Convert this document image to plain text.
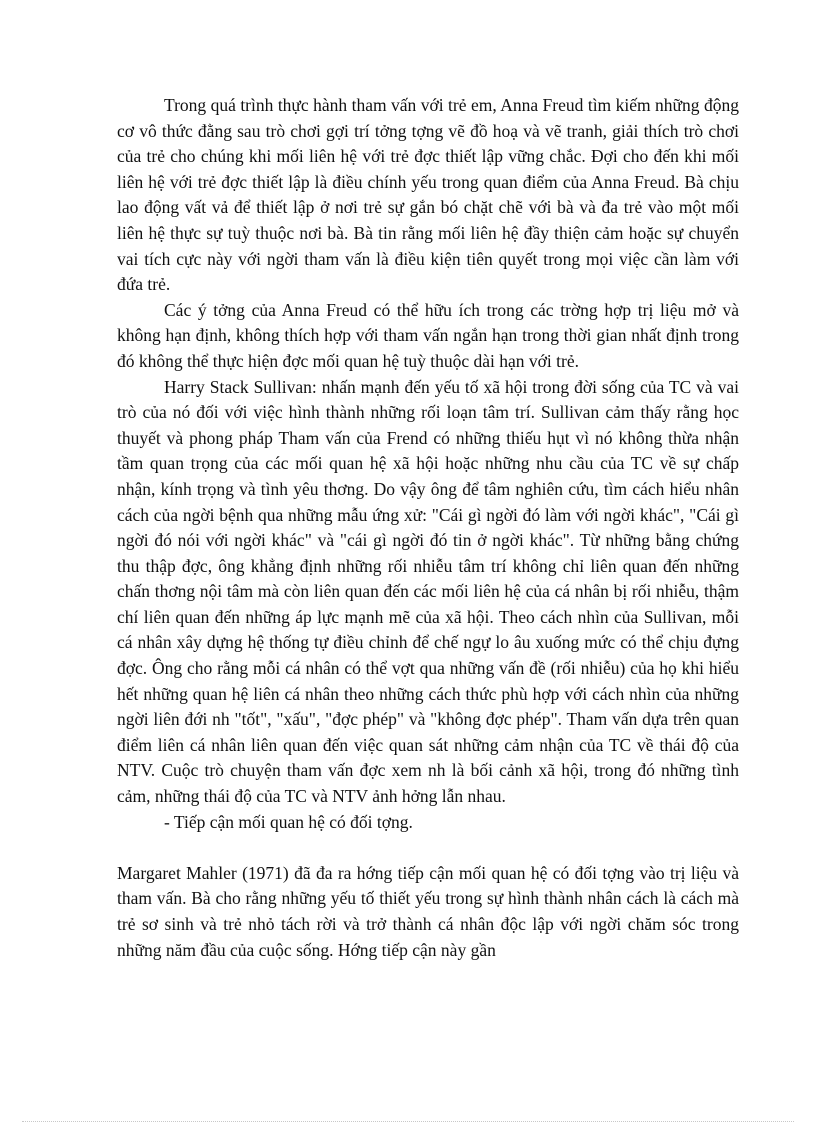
Trong quá trình thực hành tham vấn với trẻ em, Anna Freud tìm kiếm những động cơ vô thức đằng sau trò chơi gợi trí tởng tợng vẽ đồ hoạ và vẽ tranh, giải thích trò chơi của trẻ cho chúng khi mối liên hệ với trẻ đợc thiết lập vững chắc. Đợi cho đến khi mối liên hệ với trẻ đợc thiết lập là điều chính yếu trong quan điểm của Anna Freud. Bà chịu lao động vất vả để thiết lập ở nơi trẻ sự gắn bó chặt chẽ với bà và đa trẻ vào một mối liên hệ thực sự tuỳ thuộc nơi bà. Bà tin rằng mối liên hệ đầy thiện cảm hoặc sự chuyển vai tích cực này với ngời tham vấn là điều kiện tiên quyết trong mọi việc cần làm với đứa trẻ.

Các ý tởng của Anna Freud có thể hữu ích trong các trờng hợp trị liệu mở và không hạn định, không thích hợp với tham vấn ngắn hạn trong thời gian nhất định trong đó không thể thực hiện đợc mối quan hệ tuỳ thuộc dài hạn với trẻ.

Harry Stack Sullivan: nhấn mạnh đến yếu tố xã hội trong đời sống của TC và vai trò của nó đối với việc hình thành những rối loạn tâm trí. Sullivan cảm thấy rằng học thuyết và phong pháp Tham vấn của Frend có những thiếu hụt vì nó không thừa nhận tầm quan trọng của các mối quan hệ xã hội hoặc những nhu cầu của TC về sự chấp nhận, kính trọng và tình yêu thơng. Do vậy ông để tâm nghiên cứu, tìm cách hiểu nhân cách của ngời bệnh qua những mẫu ứng xử: "Cái gì ngời đó làm với ngời khác", "Cái gì ngời đó nói với ngời khác" và "cái gì ngời đó tin ở ngời khác". Từ những bằng chứng thu thập đợc, ông khẳng định những rối nhiễu tâm trí không chỉ liên quan đến những chấn thơng nội tâm mà còn liên quan đến các mối liên hệ của cá nhân bị rối nhiễu, thậm chí liên quan đến những áp lực mạnh mẽ của xã hội. Theo cách nhìn của Sullivan, mỗi cá nhân xây dựng hệ thống tự điều chỉnh để chế ngự lo âu xuống mức có thể chịu đựng đợc. Ông cho rằng mỗi cá nhân có thể vợt qua những vấn đề (rối nhiễu) của họ khi hiểu hết những quan hệ liên cá nhân theo những cách thức phù hợp với cách nhìn của những ngời liên đới nh "tốt", "xấu", "đợc phép" và "không đợc phép". Tham vấn dựa trên quan điểm liên cá nhân liên quan đến việc quan sát những cảm nhận của TC về thái độ của NTV. Cuộc trò chuyện tham vấn đợc xem nh là bối cảnh xã hội, trong đó những tình cảm, những thái độ của TC và NTV ảnh hởng lẫn nhau.

- Tiếp cận mối quan hệ có đối tợng.

Margaret Mahler (1971) đã đa ra hớng tiếp cận mối quan hệ có đối tợng vào trị liệu và tham vấn. Bà cho rằng những yếu tố thiết yếu trong sự hình thành nhân cách là cách mà trẻ sơ sinh và trẻ nhỏ tách rời và trở thành cá nhân độc lập với ngời chăm sóc trong những năm đầu của cuộc sống. Hớng tiếp cận này gần
